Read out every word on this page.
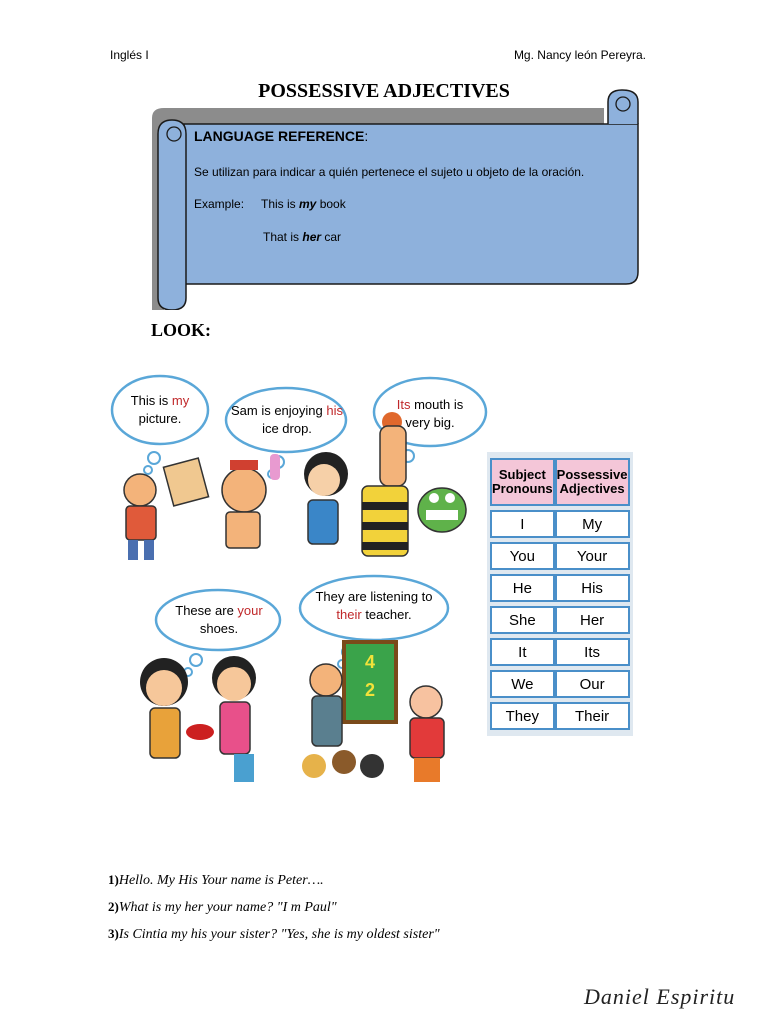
Inglés I	Mg. Nancy león Pereyra.
POSSESSIVE ADJECTIVES
LANGUAGE REFERENCE:
Se utilizan para indicar a quién pertenece el sujeto u objeto de la oración.
Example: This is my book
That is her car
LOOK:
4
2
This is my
picture.
Sam is enjoying his
ice drop.
Its mouth is
very big.
These are your
shoes.
They are listening to
their teacher.
Subject Pronouns	Possessive Adjectives
I	My
You	Your
He	His
She	Her
It	Its
We	Our
They	Their
1)Hello. My His Your name is Peter….
2)What is my her your name? "I m Paul"
3)Is Cintia my his your sister? "Yes, she is my oldest sister"
Daniel Espiritu
